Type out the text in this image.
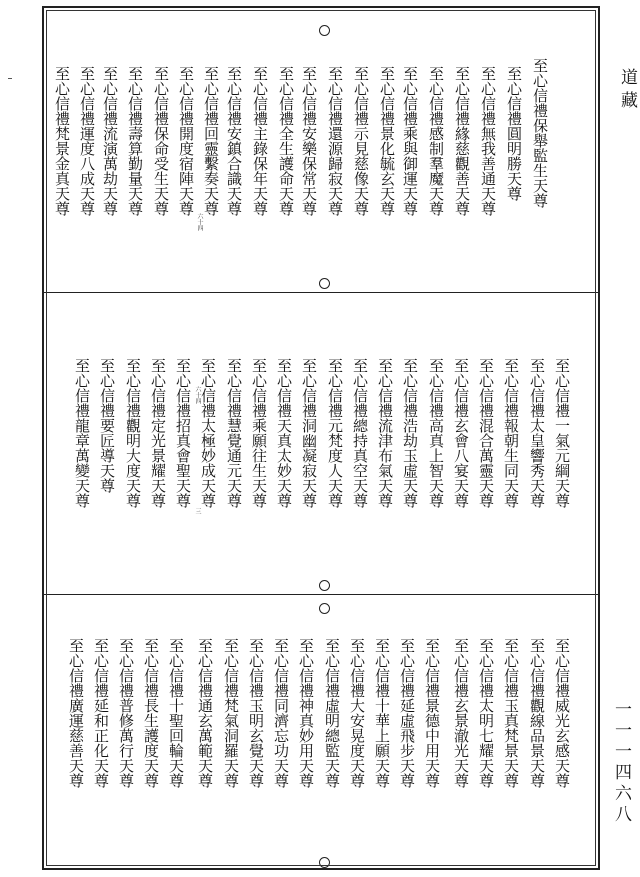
道藏
一一一四六八
至心信禮保舉監生天尊
至心信禮圓明勝天尊
至心信禮無我善通天尊
至心信禮緣慈觀善天尊
至心信禮感制羣魔天尊
至心信禮乘與御運天尊
至心信禮景化毓玄天尊
至心信禮示見慈像天尊
至心信禮還源歸寂天尊
至心信禮安樂保常天尊
至心信禮全生護命天尊
至心信禮主錄保年天尊
至心信禮安鎮合識天尊
至心信禮回靈繫奏天尊
至心信禮開度宿陣天尊
至心信禮保命受生天尊
至心信禮壽算勤量天尊
至心信禮流演萬劫天尊
至心信禮運度八成天尊
至心信禮梵景金真天尊
六十四
至心信禮一氣元綱天尊
至心信禮太皇響秀天尊
至心信禮報朝生同天尊
至心信禮混合萬靈天尊
至心信禮玄會八宴天尊
至心信禮高真上智天尊
至心信禮浩劫玉虛天尊
至心信禮流津布氣天尊
至心信禮總持真空天尊
至心信禮元梵度人天尊
至心信禮洞幽凝寂天尊
至心信禮天真太妙天尊
至心信禮乘願往生天尊
至心信禮慧覺通元天尊
至心信禮太極妙成天尊
至心信禮招真會聖天尊
至心信禮定光景耀天尊
至心信禮觀明大度天尊
至心信禮要匠導天尊
至心信禮龍章萬變天尊	六十四
三
至心信禮威光玄感天尊
至心信禮觀線品景天尊
至心信禮玉真梵景天尊
至心信禮太明七耀天尊
至心信禮玄景澈光天尊
至心信禮景德中用天尊
至心信禮延虛飛步天尊
至心信禮十華上願天尊
至心信禮大安晃度天尊
至心信禮虛明總監天尊
至心信禮神真妙用天尊
至心信禮同濟忘功天尊
至心信禮玉明玄覺天尊
至心信禮梵氣洞羅天尊
至心信禮通玄萬範天尊
至心信禮十聖回輪天尊
至心信禮長生護度天尊
至心信禮普修萬行天尊
至心信禮延和正化天尊
至心信禮廣運慈善天尊
